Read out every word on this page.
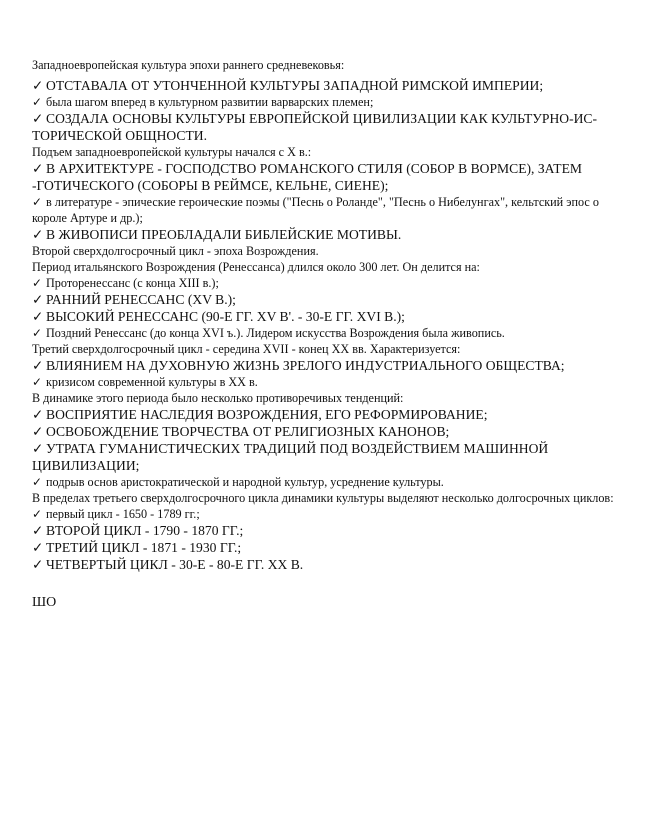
Западноевропейская культура эпохи раннего средневековья:
✓ ОТСТАВАЛА ОТ УТОНЧЕННОЙ КУЛЬТУРЫ ЗАПАДНОЙ РИМСКОЙ ИМПЕРИИ;
✓ была шагом вперед в культурном развитии варварских племен;
✓ СОЗДАЛА ОСНОВЫ КУЛЬТУРЫ ЕВРОПЕЙСКОЙ ЦИВИЛИЗАЦИИ КАК КУЛЬТУРНО-ИС-ТОРИЧЕСКОЙ ОБЩНОСТИ.
Подъем западноевропейской культуры начался с X в.:
✓ В АРХИТЕКТУРЕ - ГОСПОДСТВО РОМАНСКОГО СТИЛЯ (СОБОР В ВОРМСЕ), ЗАТЕМ -ГОТИЧЕСКОГО (СОБОРЫ В РЕЙМСЕ, КЕЛЬНЕ, СИЕНЕ);
✓ в литературе - эпические героические поэмы ("Песнь о Роланде", "Песнь о Нибелунгах", кельтский эпос о короле Артуре и др.);
✓ В ЖИВОПИСИ ПРЕОБЛАДАЛИ БИБЛЕЙСКИЕ МОТИВЫ.
Второй сверхдолгосрочный цикл - эпоха Возрождения.
Период итальянского Возрождения (Ренессанса) длился около 300 лет. Он делится на:
✓ Проторенессанс (с конца XIII в.);
✓ РАННИЙ РЕНЕССАНС (XV В.);
✓ ВЫСОКИЙ РЕНЕССАНС (90-Е ГГ. XV В'. - 30-Е ГГ. XVI В.);
✓ Поздний Ренессанс (до конца XVI ъ.). Лидером искусства Возрождения была живопись.
Третий сверхдолгосрочный цикл - середина XVII - конец XX вв. Характеризуется:
✓ ВЛИЯНИЕМ НА ДУХОВНУЮ ЖИЗНЬ ЗРЕЛОГО ИНДУСТРИАЛЬНОГО ОБЩЕСТВА;
✓ кризисом современной культуры в XX в.
В динамике этого периода было несколько противоречивых тенденций:
✓ ВОСПРИЯТИЕ НАСЛЕДИЯ ВОЗРОЖДЕНИЯ, ЕГО РЕФОРМИРОВАНИЕ;
✓ ОСВОБОЖДЕНИЕ ТВОРЧЕСТВА ОТ РЕЛИГИОЗНЫХ КАНОНОВ;
✓ УТРАТА ГУМАНИСТИЧЕСКИХ ТРАДИЦИЙ ПОД ВОЗДЕЙСТВИЕМ МАШИННОЙ ЦИВИЛИЗАЦИИ;
✓ подрыв основ аристократической и народной культур, усреднение культуры.
В пределах третьего сверхдолгосрочного цикла динамики культуры выделяют несколько долгосрочных циклов:
✓ первый цикл - 1650 - 1789 гг.;
✓ ВТОРОЙ ЦИКЛ - 1790 - 1870 ГГ.;
✓ ТРЕТИЙ ЦИКЛ - 1871 - 1930 ГГ.;
✓ ЧЕТВЕРТЫЙ ЦИКЛ - 30-Е - 80-Е ГГ. XX В.
ШО
